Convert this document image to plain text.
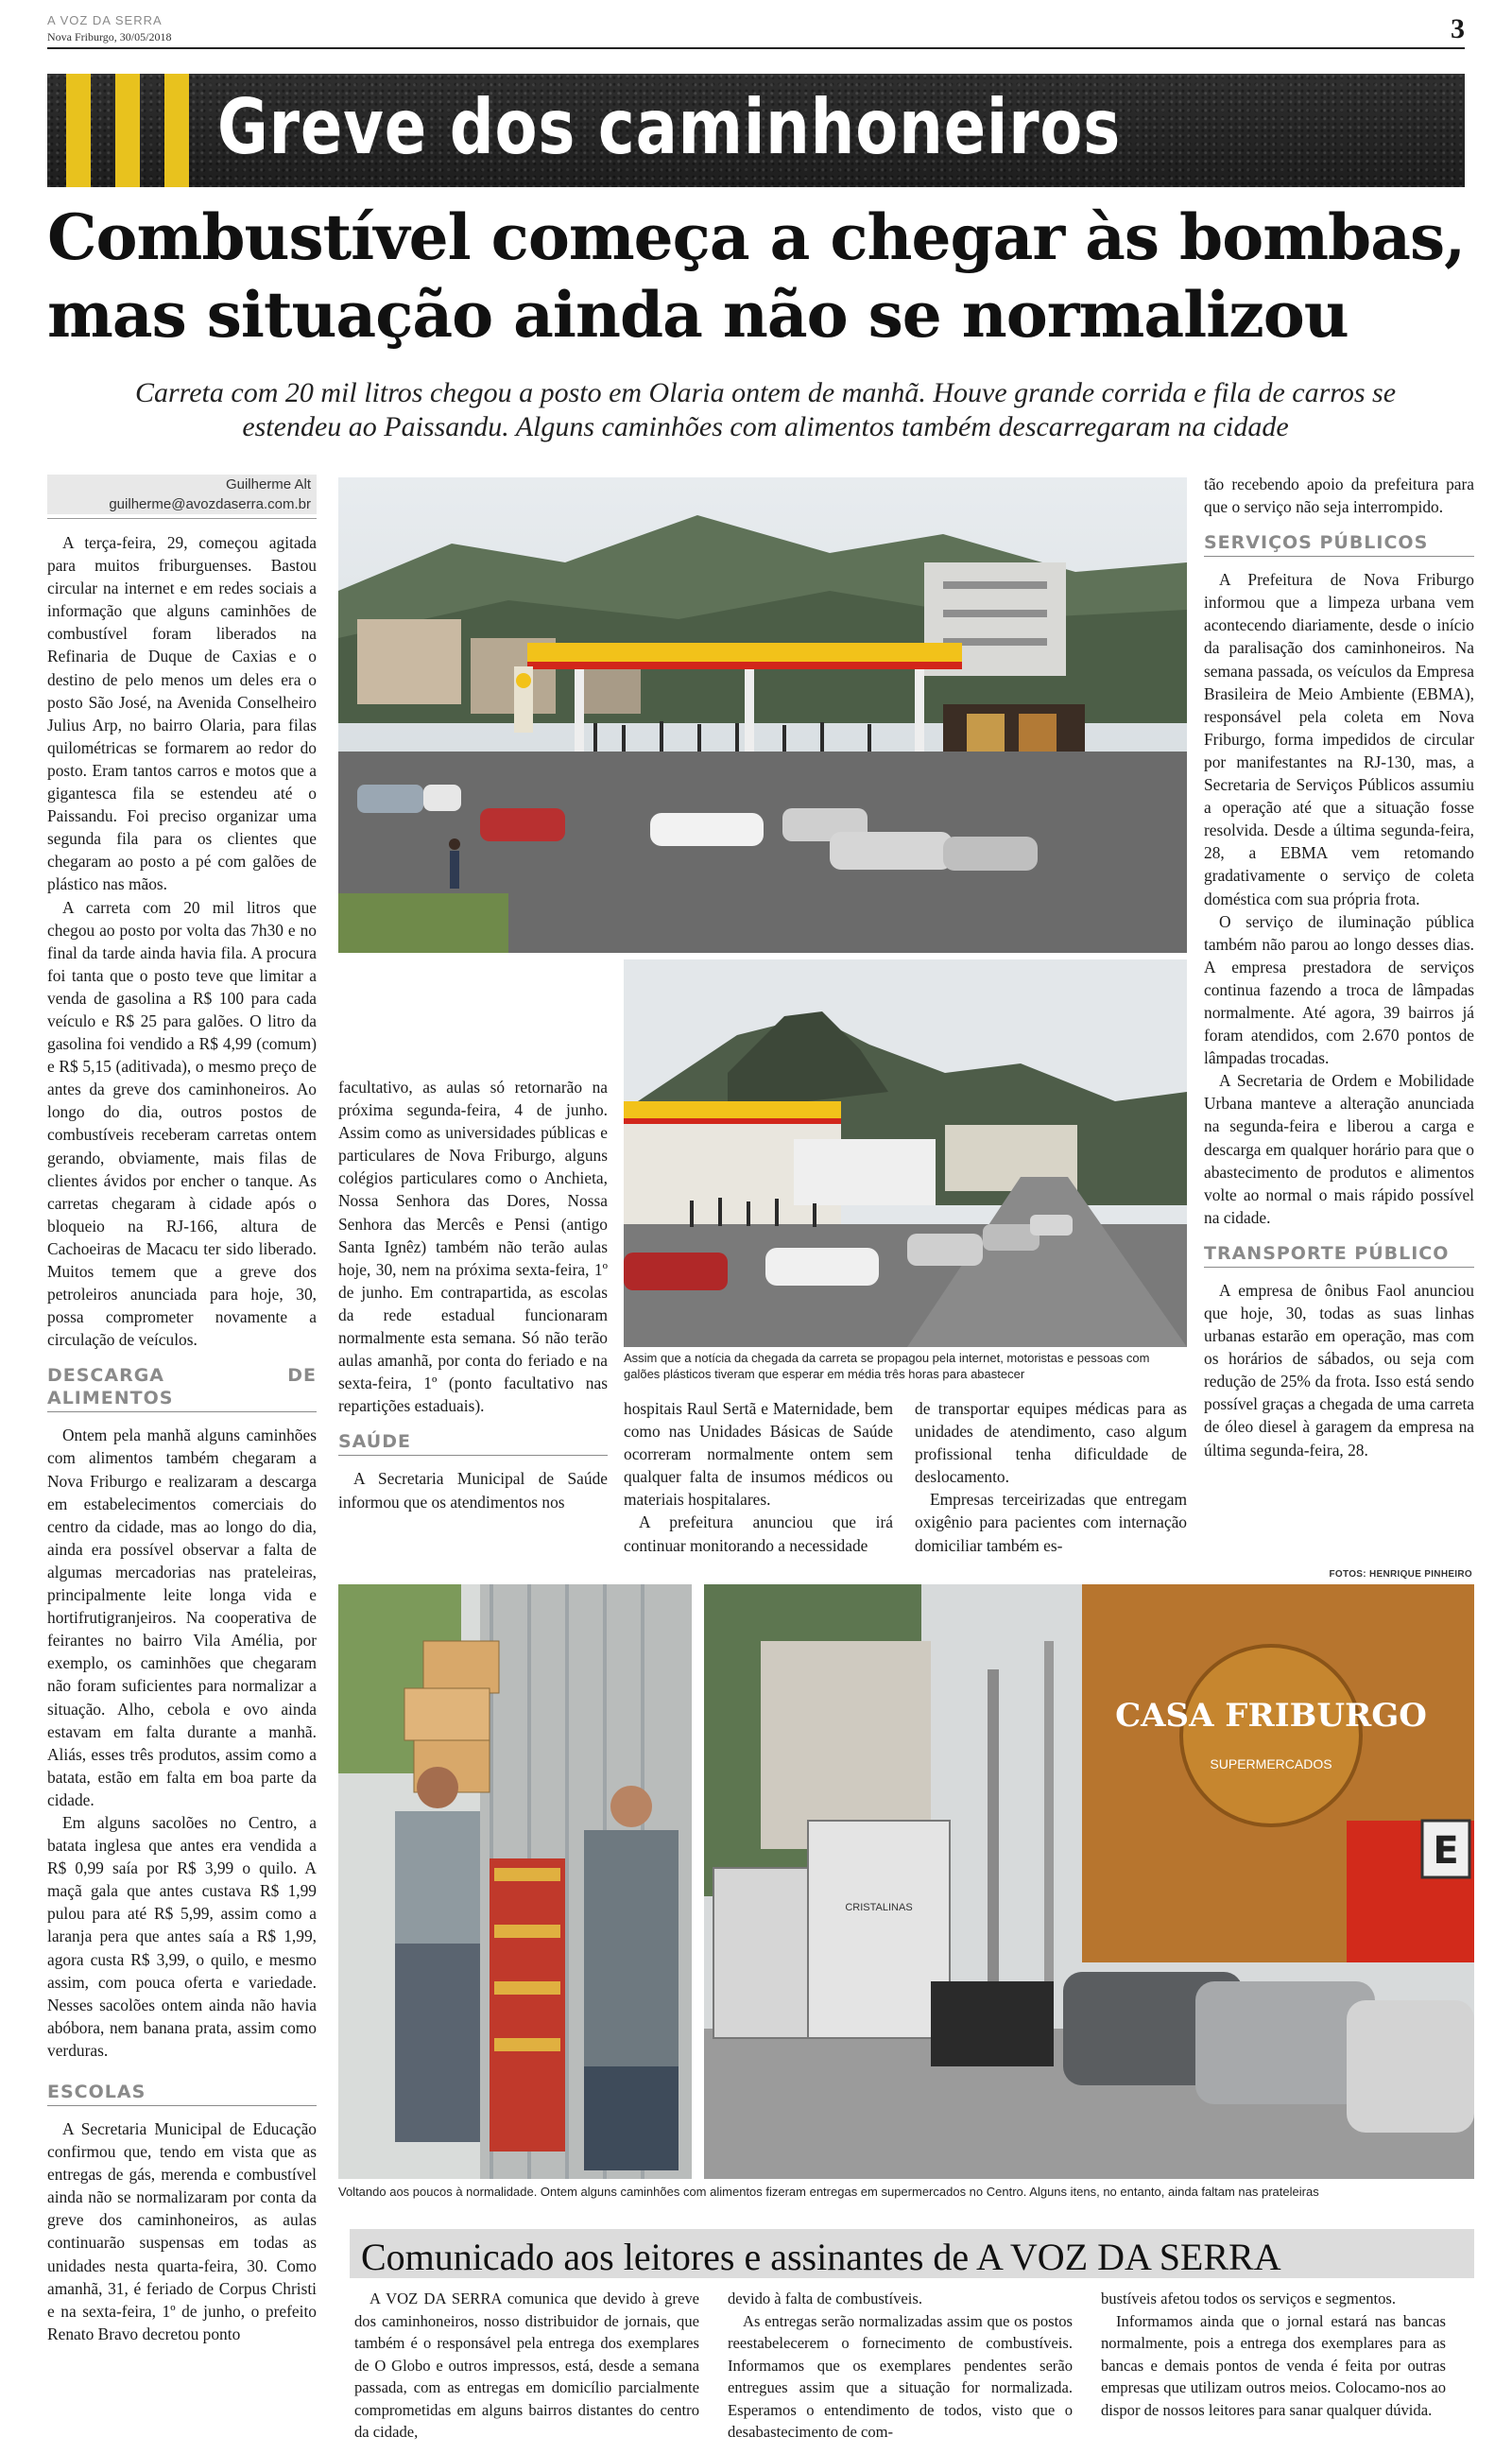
A VOZ DA SERRA
Nova Friburgo, 30/05/2018	3
Greve dos caminhoneiros
Combustível começa a chegar às bombas, mas situação ainda não se normalizou
Carreta com 20 mil litros chegou a posto em Olaria ontem de manhã. Houve grande corrida e fila de carros se estendeu ao Paissandu. Alguns caminhões com alimentos também descarregaram na cidade
Guilherme Alt
guilherme@avozdaserra.com.br

A terça-feira, 29, começou agitada para muitos friburguenses. Bastou circular na internet e em redes sociais a informação que alguns caminhões de combustível foram liberados na Refinaria de Duque de Caxias e o destino de pelo menos um deles era o posto São José, na Avenida Conselheiro Julius Arp, no bairro Olaria, para filas quilométricas se formarem ao redor do posto. Eram tantos carros e motos que a gigantesca fila se estendeu até o Paissandu. Foi preciso organizar uma segunda fila para os clientes que chegaram ao posto a pé com galões de plástico nas mãos.

A carreta com 20 mil litros que chegou ao posto por volta das 7h30 e no final da tarde ainda havia fila. A procura foi tanta que o posto teve que limitar a venda de gasolina a R$ 100 para cada veículo e R$ 25 para galões. O litro da gasolina foi vendido a R$ 4,99 (comum) e R$ 5,15 (aditivada), o mesmo preço de antes da greve dos caminhoneiros. Ao longo do dia, outros postos de combustíveis receberam carretas ontem gerando, obviamente, mais filas de clientes ávidos por encher o tanque. As carretas chegaram à cidade após o bloqueio na RJ-166, altura de Cachoeiras de Macacu ter sido liberado. Muitos temem que a greve dos petroleiros anunciada para hoje, 30, possa comprometer novamente a circulação de veículos.

DESCARGA DE ALIMENTOS

Ontem pela manhã alguns caminhões com alimentos também chegaram a Nova Friburgo e realizaram a descarga em estabelecimentos comerciais do centro da cidade, mas ao longo do dia, ainda era possível observar a falta de algumas mercadorias nas prateleiras, principalmente leite longa vida e hortifrutigranjeiros. Na cooperativa de feirantes no bairro Vila Amélia, por exemplo, os caminhões que chegaram não foram suficientes para normalizar a situação. Alho, cebola e ovo ainda estavam em falta durante a manhã. Aliás, esses três produtos, assim como a batata, estão em falta em boa parte da cidade.

Em alguns sacolões no Centro, a batata inglesa que antes era vendida a R$ 0,99 saía por R$ 3,99 o quilo. A maçã gala que antes custava R$ 1,99 pulou para até R$ 5,99, assim como a laranja pera que antes saía a R$ 1,99, agora custa R$ 3,99, o quilo, e mesmo assim, com pouca oferta e variedade. Nesses sacolões ontem ainda não havia abóbora, nem banana prata, assim como verduras.

ESCOLAS

A Secretaria Municipal de Educação confirmou que, tendo em vista que as entregas de gás, merenda e combustível ainda não se normalizaram por conta da greve dos caminhoneiros, as aulas continuarão suspensas em todas as unidades nesta quarta-feira, 30. Como amanhã, 31, é feriado de Corpus Christi e na sexta-feira, 1º de junho, o prefeito Renato Bravo decretou ponto

Assim que a notícia da chegada da carreta se propagou pela internet, motoristas e pessoas com galões plásticos tiveram que esperar em média três horas para abastecer

facultativo, as aulas só retornarão na próxima segunda-feira, 4 de junho. Assim como as universidades públicas e particulares de Nova Friburgo, alguns colégios particulares como o Anchieta, Nossa Senhora das Dores, Nossa Senhora das Mercês e Pensi (antigo Santa Ignêz) também não terão aulas hoje, 30, nem na próxima sexta-feira, 1º de junho. Em contrapartida, as escolas da rede estadual funcionaram normalmente esta semana. Só não terão aulas amanhã, por conta do feriado e na sexta-feira, 1º (ponto facultativo nas repartições estaduais).

SAÚDE

A Secretaria Municipal de Saúde informou que os atendimentos nos

hospitais Raul Sertã e Maternidade, bem como nas Unidades Básicas de Saúde ocorreram normalmente ontem sem qualquer falta de insumos médicos ou materiais hospitalares.

A prefeitura anunciou que irá continuar monitorando a necessidade

de transportar equipes médicas para as unidades de atendimento, caso algum profissional tenha dificuldade de deslocamento.

Empresas terceirizadas que entregam oxigênio para pacientes com internação domiciliar também es-

tão recebendo apoio da prefeitura para que o serviço não seja interrompido.

SERVIÇOS PÚBLICOS

A Prefeitura de Nova Friburgo informou que a limpeza urbana vem acontecendo diariamente, desde o início da paralisação dos caminhoneiros. Na semana passada, os veículos da Empresa Brasileira de Meio Ambiente (EBMA), responsável pela coleta em Nova Friburgo, forma impedidos de circular por manifestantes na RJ-130, mas, a Secretaria de Serviços Públicos assumiu a operação até que a situação fosse resolvida. Desde a última segunda-feira, 28, a EBMA vem retomando gradativamente o serviço de coleta doméstica com sua própria frota.

O serviço de iluminação pública também não parou ao longo desses dias. A empresa prestadora de serviços continua fazendo a troca de lâmpadas normalmente. Até agora, 39 bairros já foram atendidos, com 2.670 pontos de lâmpadas trocadas.

A Secretaria de Ordem e Mobilidade Urbana manteve a alteração anunciada na segunda-feira e liberou a carga e descarga em qualquer horário para que o abastecimento de produtos e alimentos volte ao normal o mais rápido possível na cidade.

TRANSPORTE PÚBLICO

A empresa de ônibus Faol anunciou que hoje, 30, todas as suas linhas urbanas estarão em operação, mas com os horários de sábados, ou seja com redução de 25% da frota. Isso está sendo possível graças a chegada de uma carreta de óleo diesel à garagem da empresa na última segunda-feira, 28.

FOTOS: HENRIQUE PINHEIRO
CASA FRIBURGO
SUPERMERCADOS
E
CRISTALINAS
Voltando aos poucos à normalidade. Ontem alguns caminhões com alimentos fizeram entregas em supermercados no Centro. Alguns itens, no entanto, ainda faltam nas prateleiras
Comunicado aos leitores e assinantes de A VOZ DA SERRA

A VOZ DA SERRA comunica que devido à greve dos caminhoneiros, nosso distribuidor de jornais, que também é o responsável pela entrega dos exemplares de O Globo e outros impressos, está, desde a semana passada, com as entregas em domicílio parcialmente comprometidas em alguns bairros distantes do centro da cidade,

devido à falta de combustíveis.

As entregas serão normalizadas assim que os postos reestabelecerem o fornecimento de combustíveis. Informamos que os exemplares pendentes serão entregues assim que a situação for normalizada. Esperamos o entendimento de todos, visto que o desabastecimento de com-

bustíveis afetou todos os serviços e segmentos.

Informamos ainda que o jornal estará nas bancas normalmente, pois a entrega dos exemplares para as bancas e demais pontos de venda é feita por outras empresas que utilizam outros meios. Colocamo-nos ao dispor de nossos leitores para sanar qualquer dúvida.
